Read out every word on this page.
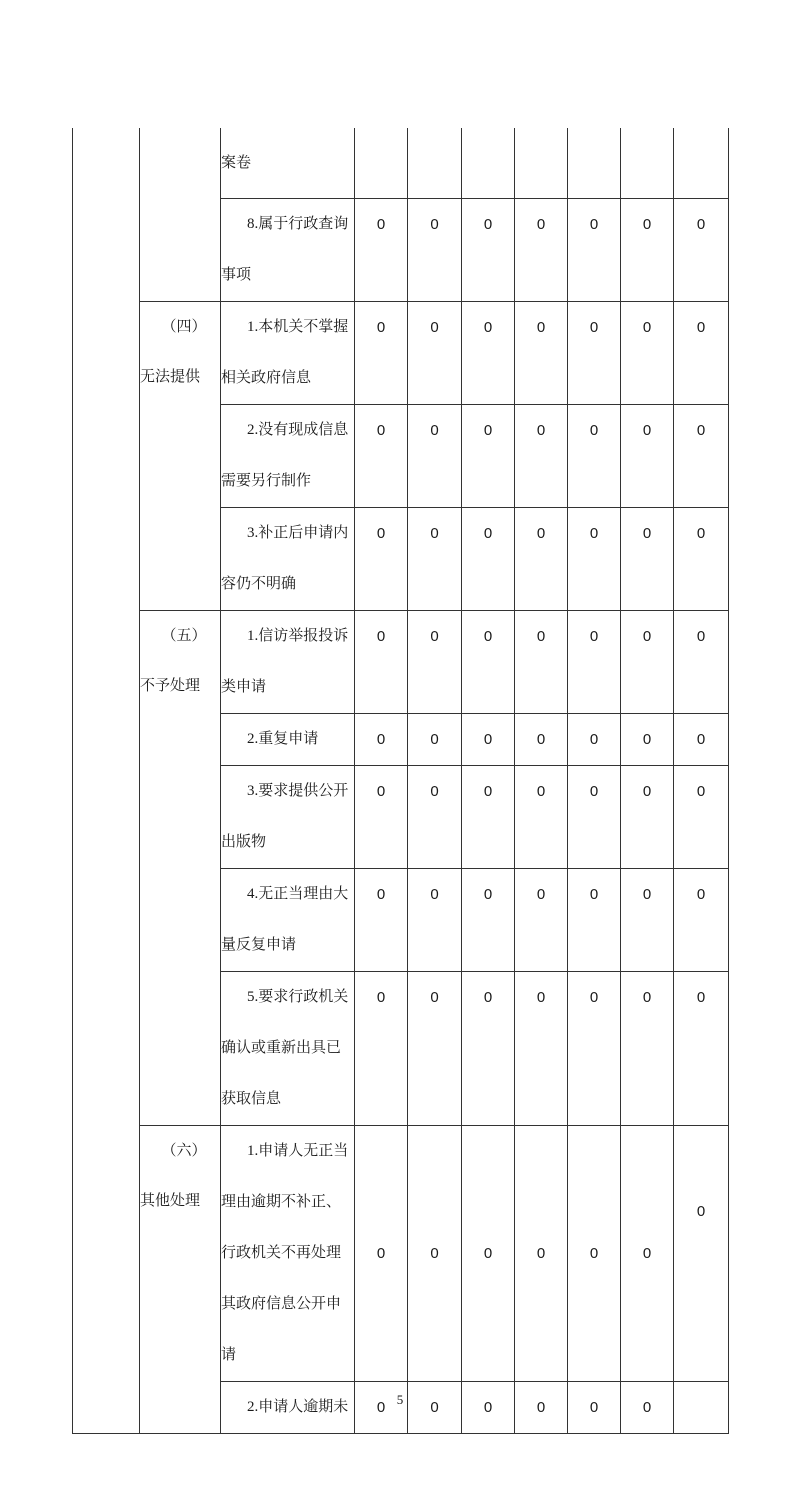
		案卷							

		8.属于行政查询事项	0	0	0	0	0	0	0

	（四）
无法提供	1.本机关不掌握相关政府信息	0	0	0	0	0	0	0

		2.没有现成信息需要另行制作	0	0	0	0	0	0	0

		3.补正后申请内容仍不明确	0	0	0	0	0	0	0

	（五）
不予处理	1.信访举报投诉类申请	0	0	0	0	0	0	0

		2.重复申请	0	0	0	0	0	0	0

		3.要求提供公开出版物	0	0	0	0	0	0	0

		4.无正当理由大量反复申请	0	0	0	0	0	0	0

		5.要求行政机关确认或重新出具已获取信息	0	0	0	0	0	0	0

	（六）
其他处理	1.申请人无正当理由逾期不补正、行政机关不再处理其政府信息公开申请	0	0	0	0	0	0	0

		2.申请人逾期未	0	0	0	0	0	0	
5
